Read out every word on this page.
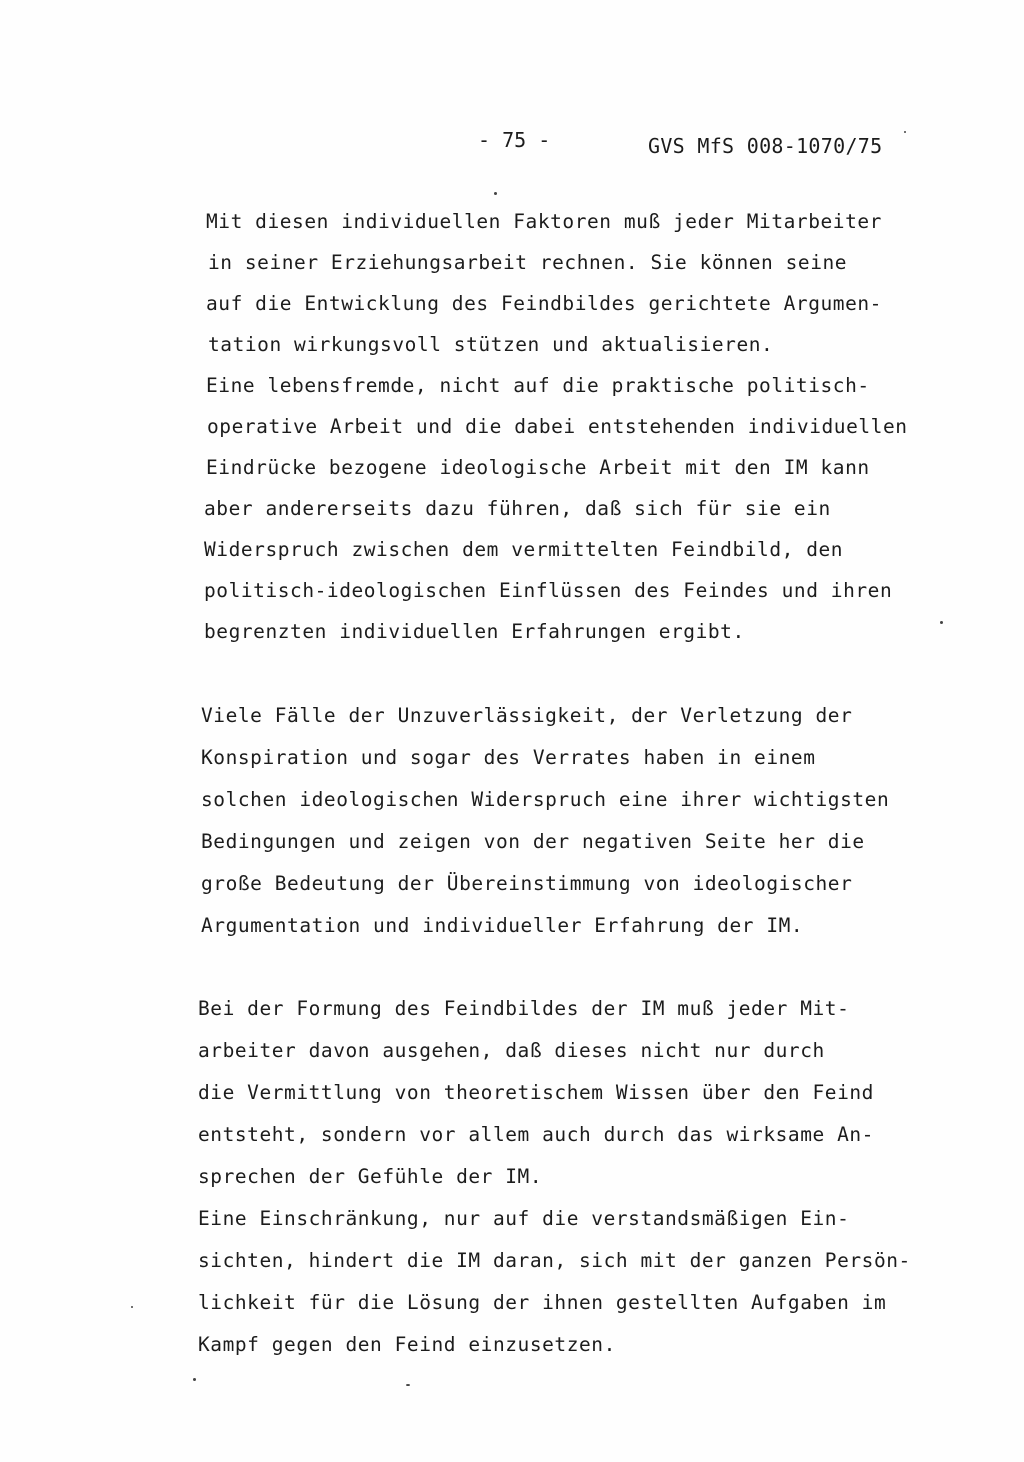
- 75 -	GVS MfS 008-1070/75
Mit diesen individuellen Faktoren muß jeder Mitarbeiter
in seiner Erziehungsarbeit rechnen. Sie können seine
auf die Entwicklung des Feindbildes gerichtete Argumen-
tation wirkungsvoll stützen und aktualisieren.
Eine lebensfremde, nicht auf die praktische politisch-
operative Arbeit und die dabei entstehenden individuellen
Eindrücke bezogene ideologische Arbeit mit den IM kann
aber andererseits dazu führen, daß sich für sie ein
Widerspruch zwischen dem vermittelten Feindbild, den
politisch-ideologischen Einflüssen des Feindes und ihren
begrenzten individuellen Erfahrungen ergibt.
Viele Fälle der Unzuverlässigkeit, der Verletzung der
Konspiration und sogar des Verrates haben in einem
solchen ideologischen Widerspruch eine ihrer wichtigsten
Bedingungen und zeigen von der negativen Seite her die
große Bedeutung der Übereinstimmung von ideologischer
Argumentation und individueller Erfahrung der IM.
Bei der Formung des Feindbildes der IM muß jeder Mit-
arbeiter davon ausgehen, daß dieses nicht nur durch
die Vermittlung von theoretischem Wissen über den Feind
entsteht, sondern vor allem auch durch das wirksame An-
sprechen der Gefühle der IM.
Eine Einschränkung, nur auf die verstandsmäßigen Ein-
sichten, hindert die IM daran, sich mit der ganzen Persön-
lichkeit für die Lösung der ihnen gestellten Aufgaben im
Kampf gegen den Feind einzusetzen.
